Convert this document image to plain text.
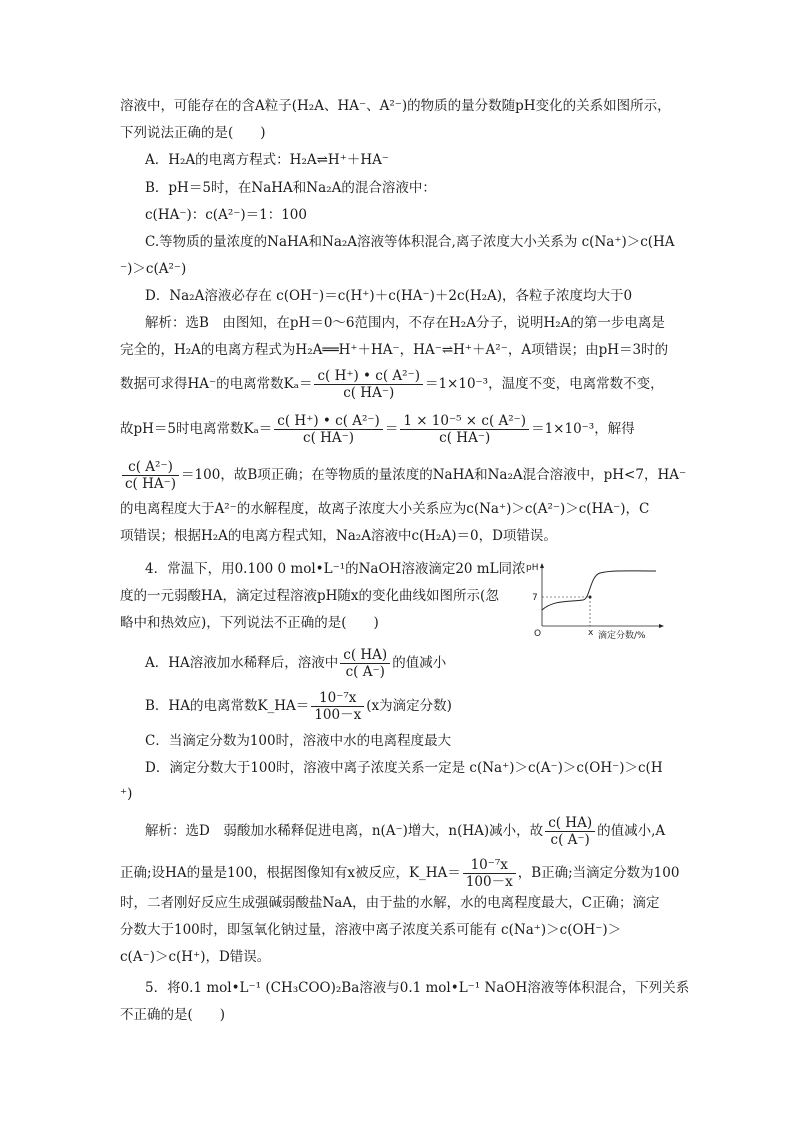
溶液中，可能存在的含A粒子(H₂A、HA⁻、A²⁻)的物质的量分数随pH变化的关系如图所示，
下列说法正确的是(　　)
A．H₂A的电离方程式：H₂A⇌H⁺＋HA⁻
B．pH＝5时，在NaHA和Na₂A的混合溶液中：
c(HA⁻)：c(A²⁻)＝1：100
C.等物质的量浓度的NaHA和Na₂A溶液等体积混合,离子浓度大小关系为 c(Na⁺)＞c(HA
⁻)＞c(A²⁻)
D．Na₂A溶液必存在 c(OH⁻)＝c(H⁺)＋c(HA⁻)＋2c(H₂A)，各粒子浓度均大于0
解析：选B　由图知，在pH＝0～6范围内，不存在H₂A分子，说明H₂A的第一步电离是
完全的，H₂A的电离方程式为H₂A══H⁺＋HA⁻，HA⁻⇌H⁺＋A²⁻，A项错误；由pH＝3时的
数据可求得HA⁻的电离常数$K_a= \frac{\text{c( H⁺) • c( A²⁻)}}{c( HA^-)} =1\times 10^{-3}$，温度不变，电离常数不变，
故pH＝5时电离常数$K_a= \frac{\text{c( H⁺) • c( A²⁻)}}{c( HA^-)} = \frac{\text{1 × 10⁻⁵ × c( A²⁻)}}{c( HA^-)} =1\times 10^{-3}$，解得
$\frac{\text{c( A²⁻)}}{c( HA^-)} =100$，故B项正确；在等物质的量浓度的NaHA和Na₂A混合溶液中，pH<7，HA⁻
的电离程度大于A²⁻的水解程度，故离子浓度大小关系应为c(Na⁺)＞c(A²⁻)＞c(HA⁻)，C
项错误；根据H₂A的电离方程式知，Na₂A溶液中c(H₂A)＝0，D项错误。
4．常温下，用0.100 0 mol•L⁻¹的NaOH溶液滴定20 mL同浓
度的一元弱酸HA，滴定过程溶液pH随x的变化曲线如图所示(忽
略中和热效应)，下列说法不正确的是(　　)
pH
7
O	x 滴定分数/%
A．HA溶液加水稀释后，溶液中 $\frac{c( HA)}{c( A^-)}$ 的值减小
B．HA的电离常数K_HA＝ $\frac{\text{10⁻⁷x}}{100-x} (x$为滴定分数)
C．当滴定分数为100时，溶液中水的电离程度最大
D．滴定分数大于100时，溶液中离子浓度关系一定是 c(Na⁺)＞c(A⁻)＞c(OH⁻)＞c(H
⁺)
解析：选D　弱酸加水稀释促进电离，n(A⁻)增大，n(HA)减小，故 $\frac{c( HA)}{c( A^-)}$ 的值减小,A
正确;设HA的量是100，根据图像知有x被反应，K_HA＝ $\frac{\text{10⁻⁷x}}{100-x}$ ，B正确;当滴定分数为100
时，二者刚好反应生成强碱弱酸盐NaA，由于盐的水解，水的电离程度最大，C正确；滴定
分数大于100时，即氢氧化钠过量，溶液中离子浓度关系可能有 c(Na⁺)＞c(OH⁻)＞
c(A⁻)＞c(H⁺)，D错误。
5．将0.1 mol•L⁻¹ (CH₃COO)₂Ba溶液与0.1 mol•L⁻¹ NaOH溶液等体积混合，下列关系
不正确的是(　　)
